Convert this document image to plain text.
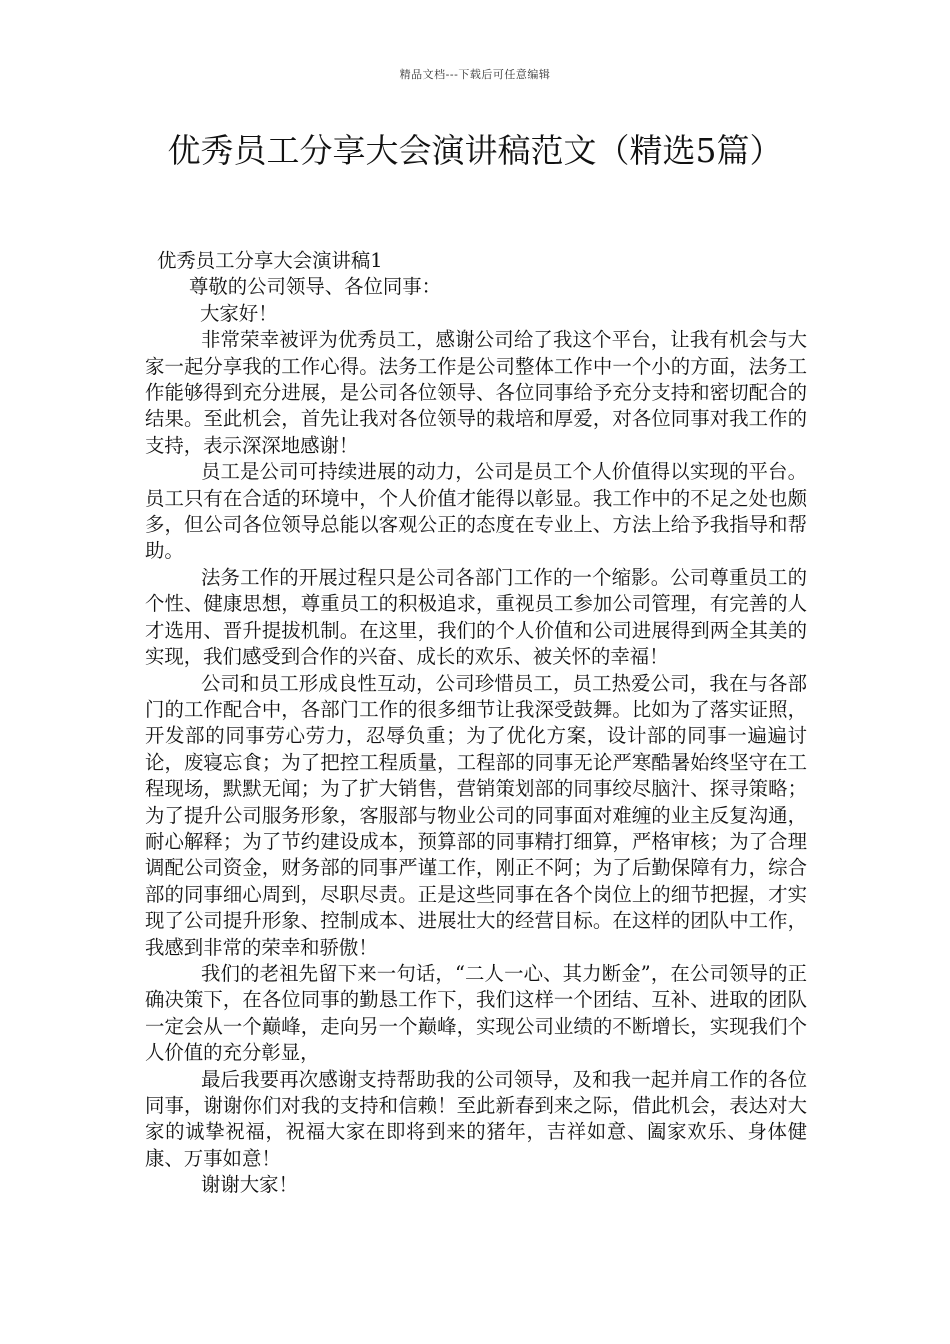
精品文档---下载后可任意编辑
优秀员工分享大会演讲稿范文（精选5篇）

优秀员工分享大会演讲稿1

尊敬的公司领导、各位同事：

大家好！

非常荣幸被评为优秀员工，感谢公司给了我这个平台，让我有机会与大家一起分享我的工作心得。法务工作是公司整体工作中一个小的方面，法务工作能够得到充分进展，是公司各位领导、各位同事给予充分支持和密切配合的结果。至此机会，首先让我对各位领导的栽培和厚爱，对各位同事对我工作的支持，表示深深地感谢！

员工是公司可持续进展的动力，公司是员工个人价值得以实现的平台。员工只有在合适的环境中，个人价值才能得以彰显。我工作中的不足之处也颇多，但公司各位领导总能以客观公正的态度在专业上、方法上给予我指导和帮助。

法务工作的开展过程只是公司各部门工作的一个缩影。公司尊重员工的个性、健康思想，尊重员工的积极追求，重视员工参加公司管理，有完善的人才选用、晋升提拔机制。在这里，我们的个人价值和公司进展得到两全其美的实现，我们感受到合作的兴奋、成长的欢乐、被关怀的幸福！

公司和员工形成良性互动，公司珍惜员工，员工热爱公司，我在与各部门的工作配合中，各部门工作的很多细节让我深受鼓舞。比如为了落实证照，开发部的同事劳心劳力，忍辱负重；为了优化方案，设计部的同事一遍遍讨论，废寝忘食；为了把控工程质量，工程部的同事无论严寒酷暑始终坚守在工程现场，默默无闻；为了扩大销售，营销策划部的同事绞尽脑汁、探寻策略；为了提升公司服务形象，客服部与物业公司的同事面对难缠的业主反复沟通，耐心解释；为了节约建设成本，预算部的同事精打细算，严格审核；为了合理调配公司资金，财务部的同事严谨工作，刚正不阿；为了后勤保障有力，综合部的同事细心周到，尽职尽责。正是这些同事在各个岗位上的细节把握，才实现了公司提升形象、控制成本、进展壮大的经营目标。在这样的团队中工作，我感到非常的荣幸和骄傲！

我们的老祖先留下来一句话，“二人一心、其力断金”，在公司领导的正确决策下，在各位同事的勤恳工作下，我们这样一个团结、互补、进取的团队一定会从一个巅峰，走向另一个巅峰，实现公司业绩的不断增长，实现我们个人价值的充分彰显，

最后我要再次感谢支持帮助我的公司领导，及和我一起并肩工作的各位同事，谢谢你们对我的支持和信赖！至此新春到来之际，借此机会，表达对大家的诚挚祝福，祝福大家在即将到来的猪年，吉祥如意、阖家欢乐、身体健康、万事如意！

谢谢大家！
